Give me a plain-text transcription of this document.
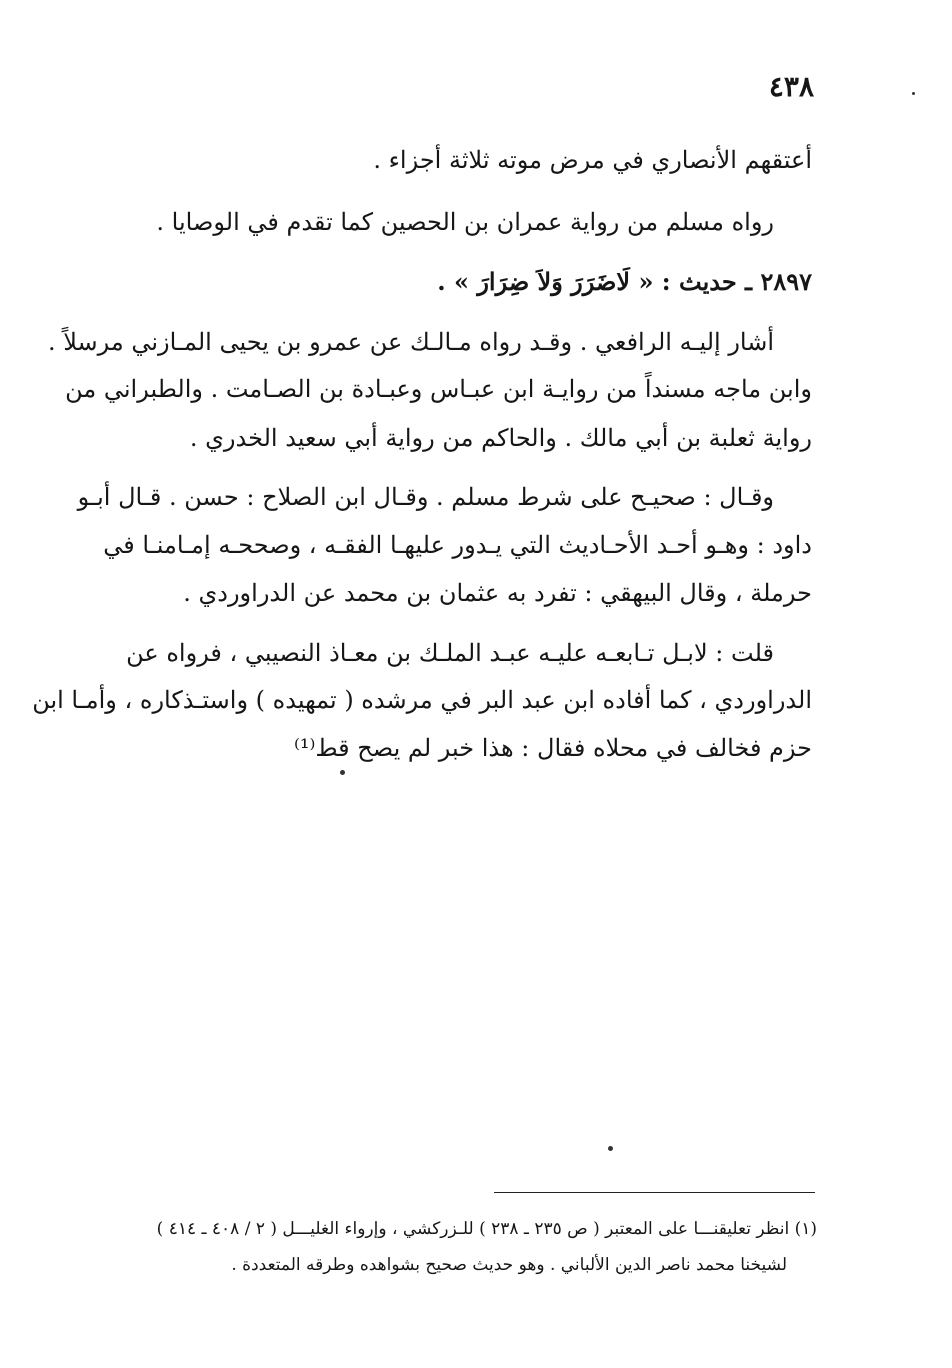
٤٣٨
أعتقهم الأنصاري في مرض موته ثلاثة أجزاء .
رواه مسلم من رواية عمران بن الحصين كما تقدم في الوصايا .
٢٨٩٧ ـ حديث : « لَاضَرَرَ وَلاَ ضِرَارَ » .
أشار إليـه الرافعي . وقـد رواه مـالـك عن عمرو بن يحيى المـازني مرسلاً .
وابن ماجه مسنداً من روايـة ابن عبـاس وعبـادة بن الصـامت . والطبراني من
رواية ثعلبة بن أبي مالك . والحاكم من رواية أبي سعيد الخدري .
وقـال : صحيـح على شرط مسلم . وقـال ابن الصلاح : حسن . قـال أبـو
داود : وهـو أحـد الأحـاديث التي يـدور عليهـا الفقـه ، وصححـه إمـامنـا في
حرملة ، وقال البيهقي : تفرد به عثمان بن محمد عن الدراوردي .
قلت : لابـل تـابعـه عليـه عبـد الملـك بن معـاذ النصيبي ، فرواه عن
الدراوردي ، كما أفاده ابن عبد البر في مرشده ( تمهيده ) واستـذكاره ، وأمـا ابن
حزم فخالف في محلاه فقال : هذا خبر لم يصح قط⁽¹⁾
(١) انظر تعليقنـــا على المعتبر ( ص ٢٣٥ ـ ٢٣٨ ) للـزركشي ، وإرواء الغليـــل ( ٢ / ٤٠٨ ـ ٤١٤ )
لشيخنا محمد ناصر الدين الألباني . وهو حديث صحيح بشواهده وطرقه المتعددة .
